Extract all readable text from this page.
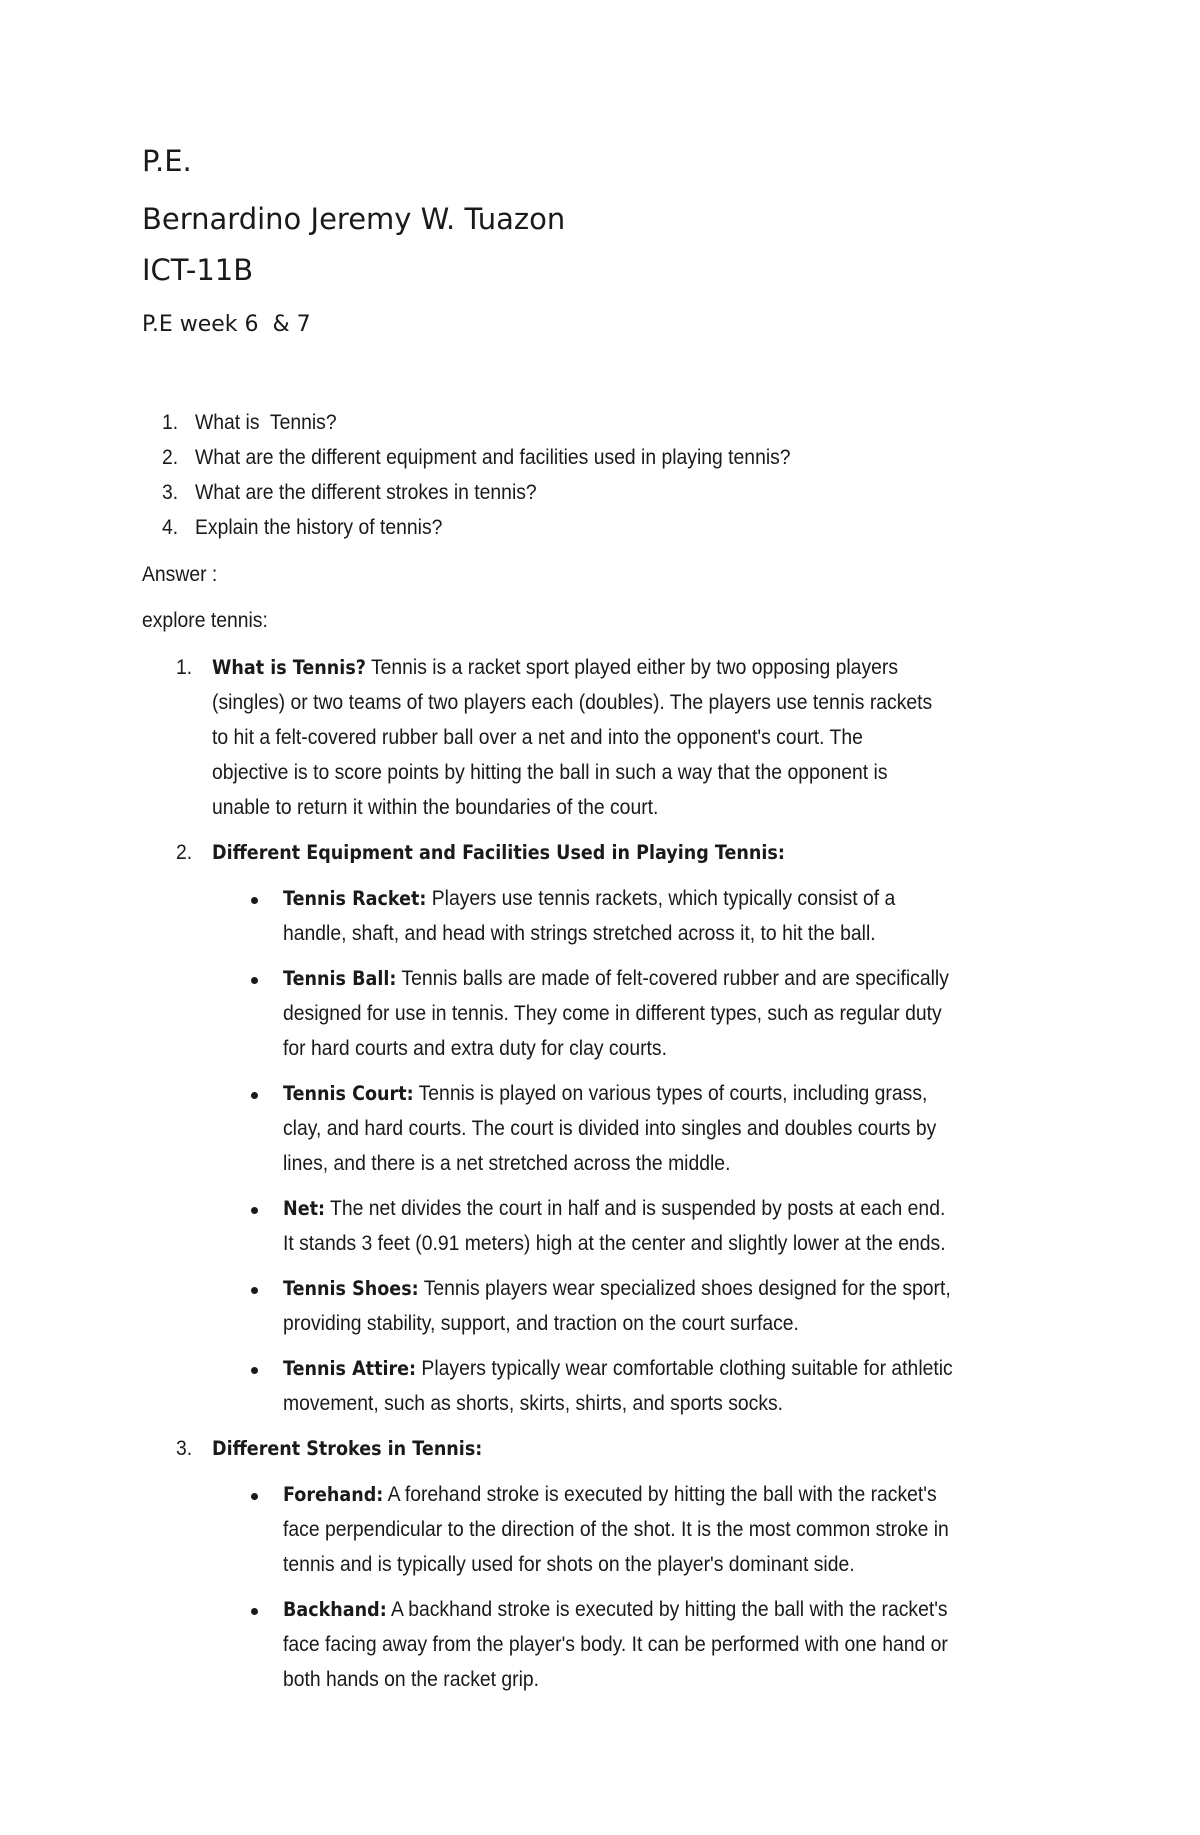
P.E.
Bernardino Jeremy W. Tuazon
ICT-11B
P.E week 6  & 7
1. What is  Tennis?
2. What are the different equipment and facilities used in playing tennis?
3. What are the different strokes in tennis?
4. Explain the history of tennis?
Answer :
explore tennis:
1. What is Tennis? Tennis is a racket sport played either by two opposing players
(singles) or two teams of two players each (doubles). The players use tennis rackets
to hit a felt-covered rubber ball over a net and into the opponent's court. The
objective is to score points by hitting the ball in such a way that the opponent is
unable to return it within the boundaries of the court.
2. Different Equipment and Facilities Used in Playing Tennis:
Tennis Racket: Players use tennis rackets, which typically consist of a
handle, shaft, and head with strings stretched across it, to hit the ball.
Tennis Ball: Tennis balls are made of felt-covered rubber and are specifically
designed for use in tennis. They come in different types, such as regular duty
for hard courts and extra duty for clay courts.
Tennis Court: Tennis is played on various types of courts, including grass,
clay, and hard courts. The court is divided into singles and doubles courts by
lines, and there is a net stretched across the middle.
Net: The net divides the court in half and is suspended by posts at each end.
It stands 3 feet (0.91 meters) high at the center and slightly lower at the ends.
Tennis Shoes: Tennis players wear specialized shoes designed for the sport,
providing stability, support, and traction on the court surface.
Tennis Attire: Players typically wear comfortable clothing suitable for athletic
movement, such as shorts, skirts, shirts, and sports socks.
3. Different Strokes in Tennis:
Forehand: A forehand stroke is executed by hitting the ball with the racket's
face perpendicular to the direction of the shot. It is the most common stroke in
tennis and is typically used for shots on the player's dominant side.
Backhand: A backhand stroke is executed by hitting the ball with the racket's
face facing away from the player's body. It can be performed with one hand or
both hands on the racket grip.
